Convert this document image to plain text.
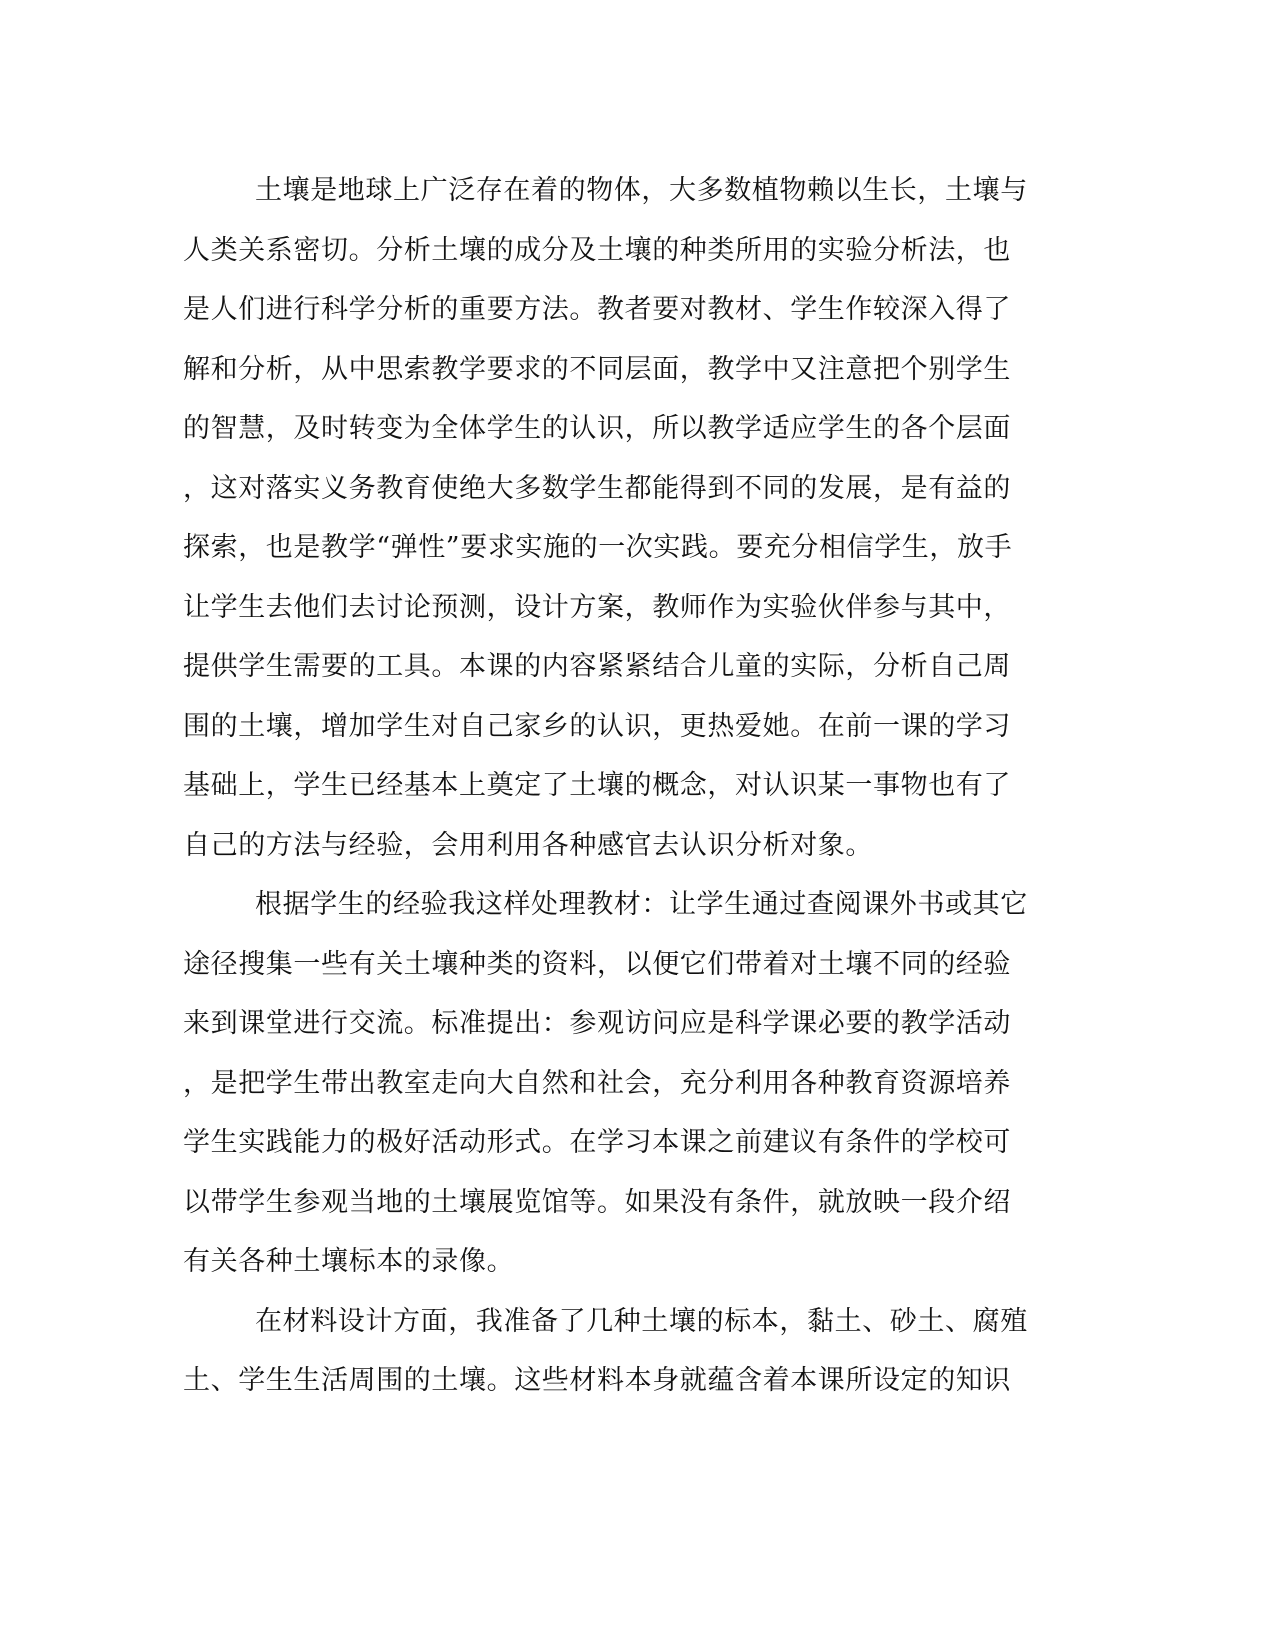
土壤是地球上广泛存在着的物体，大多数植物赖以生长，土壤与
人类关系密切。分析土壤的成分及土壤的种类所用的实验分析法，也
是人们进行科学分析的重要方法。教者要对教材、学生作较深入得了
解和分析，从中思索教学要求的不同层面，教学中又注意把个别学生
的智慧，及时转变为全体学生的认识，所以教学适应学生的各个层面
，这对落实义务教育使绝大多数学生都能得到不同的发展，是有益的
探索，也是教学“弹性”要求实施的一次实践。要充分相信学生，放手
让学生去他们去讨论预测，设计方案，教师作为实验伙伴参与其中，
提供学生需要的工具。本课的内容紧紧结合儿童的实际，分析自己周
围的土壤，增加学生对自己家乡的认识，更热爱她。在前一课的学习
基础上，学生已经基本上奠定了土壤的概念，对认识某一事物也有了
自己的方法与经验，会用利用各种感官去认识分析对象。
根据学生的经验我这样处理教材：让学生通过查阅课外书或其它
途径搜集一些有关土壤种类的资料，以便它们带着对土壤不同的经验
来到课堂进行交流。标准提出：参观访问应是科学课必要的教学活动
，是把学生带出教室走向大自然和社会，充分利用各种教育资源培养
学生实践能力的极好活动形式。在学习本课之前建议有条件的学校可
以带学生参观当地的土壤展览馆等。如果没有条件，就放映一段介绍
有关各种土壤标本的录像。
在材料设计方面，我准备了几种土壤的标本，黏土、砂土、腐殖
土、学生生活周围的土壤。这些材料本身就蕴含着本课所设定的知识
